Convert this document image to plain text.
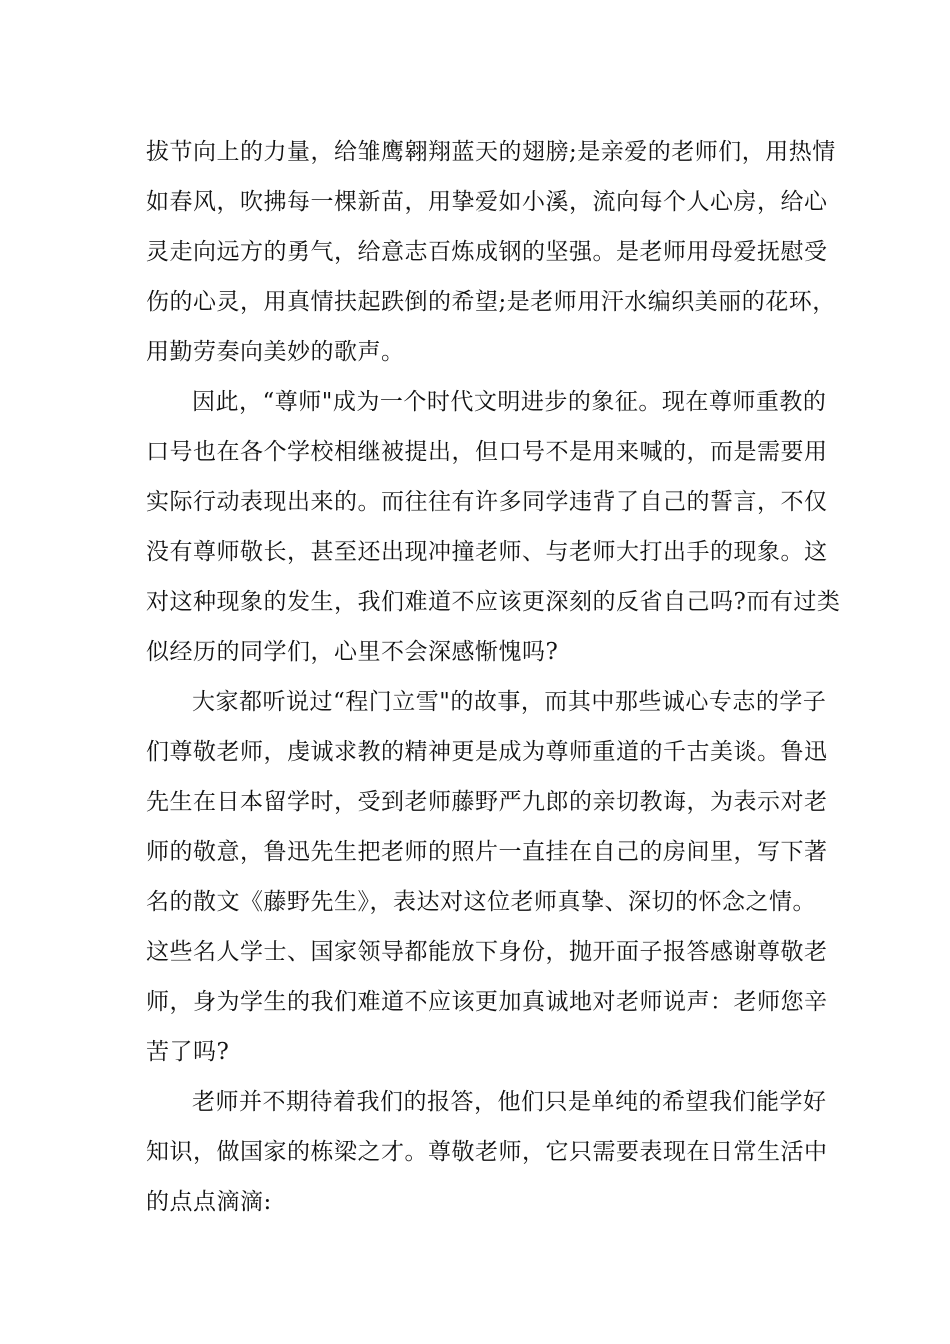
拔节向上的力量，给雏鹰翱翔蓝天的翅膀;是亲爱的老师们，用热情
如春风，吹拂每一棵新苗，用挚爱如小溪，流向每个人心房，给心
灵走向远方的勇气，给意志百炼成钢的坚强。是老师用母爱抚慰受
伤的心灵，用真情扶起跌倒的希望;是老师用汗水编织美丽的花环，
用勤劳奏向美妙的歌声。
因此，“尊师"成为一个时代文明进步的象征。现在尊师重教的
口号也在各个学校相继被提出，但口号不是用来喊的，而是需要用
实际行动表现出来的。而往往有许多同学违背了自己的誓言，不仅
没有尊师敬长，甚至还出现冲撞老师、与老师大打出手的现象。这
对这种现象的发生，我们难道不应该更深刻的反省自己吗?而有过类
似经历的同学们，心里不会深感惭愧吗?
大家都听说过“程门立雪"的故事，而其中那些诚心专志的学子
们尊敬老师，虔诚求教的精神更是成为尊师重道的千古美谈。鲁迅
先生在日本留学时，受到老师藤野严九郎的亲切教诲，为表示对老
师的敬意，鲁迅先生把老师的照片一直挂在自己的房间里，写下著
名的散文《藤野先生》，表达对这位老师真挚、深切的怀念之情。
这些名人学士、国家领导都能放下身份，抛开面子报答感谢尊敬老
师，身为学生的我们难道不应该更加真诚地对老师说声：老师您辛
苦了吗?
老师并不期待着我们的报答，他们只是单纯的希望我们能学好
知识，做国家的栋梁之才。尊敬老师，它只需要表现在日常生活中
的点点滴滴:
